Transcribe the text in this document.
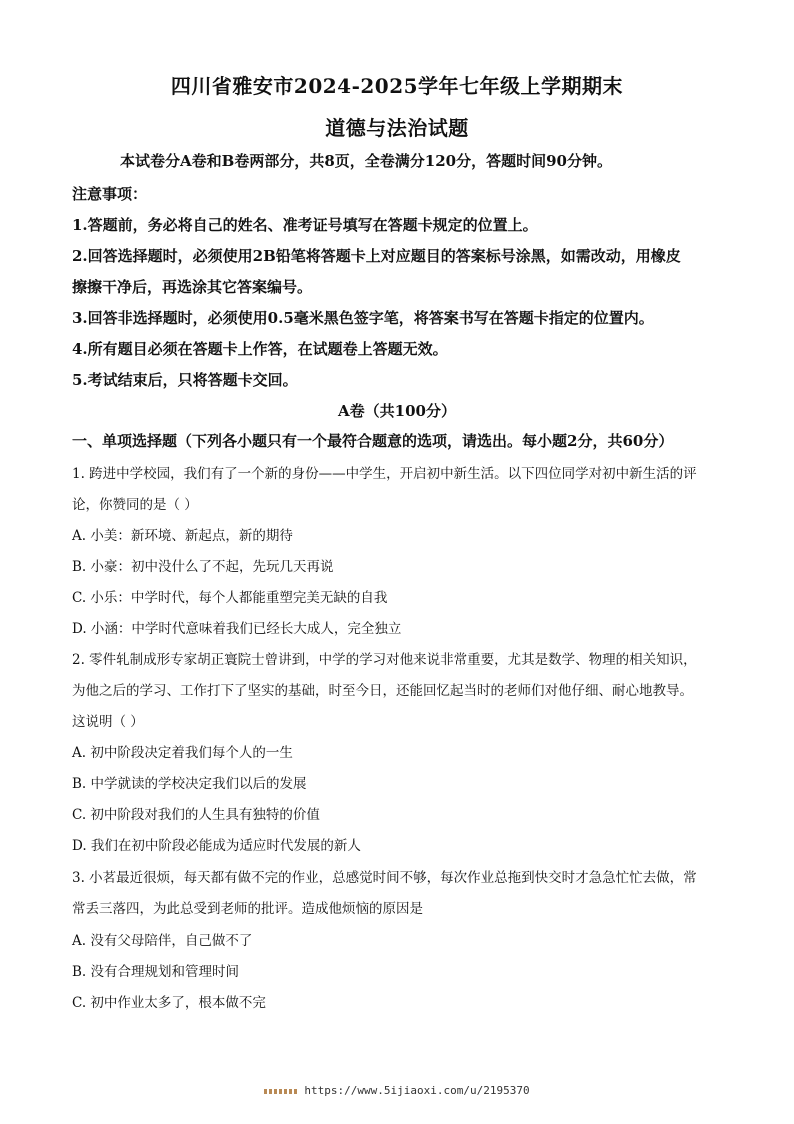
四川省雅安市2024-2025学年七年级上学期期末
道德与法治试题
本试卷分A卷和B卷两部分，共8页，全卷满分120分，答题时间90分钟。
注意事项：
1.答题前，务必将自己的姓名、准考证号填写在答题卡规定的位置上。
2.回答选择题时，必须使用2B铅笔将答题卡上对应题目的答案标号涂黑，如需改动，用橡皮
擦擦干净后，再选涂其它答案编号。
3.回答非选择题时，必须使用0.5毫米黑色签字笔，将答案书写在答题卡指定的位置内。
4.所有题目必须在答题卡上作答，在试题卷上答题无效。
5.考试结束后，只将答题卡交回。
A卷（共100分）
一、单项选择题（下列各小题只有一个最符合题意的选项，请选出。每小题2分，共60分）
1. 跨进中学校园，我们有了一个新的身份——中学生，开启初中新生活。以下四位同学对初中新生活的评
论，你赞同的是（ ）
A. 小美：新环境、新起点，新的期待
B. 小豪：初中没什么了不起，先玩几天再说
C. 小乐：中学时代，每个人都能重塑完美无缺的自我
D. 小涵：中学时代意味着我们已经长大成人，完全独立
2. 零件轧制成形专家胡正寰院士曾讲到，中学的学习对他来说非常重要，尤其是数学、物理的相关知识，
为他之后的学习、工作打下了坚实的基础，时至今日，还能回忆起当时的老师们对他仔细、耐心地教导。
这说明（ ）
A. 初中阶段决定着我们每个人的一生
B. 中学就读的学校决定我们以后的发展
C. 初中阶段对我们的人生具有独特的价值
D. 我们在初中阶段必能成为适应时代发展的新人
3. 小茗最近很烦，每天都有做不完的作业，总感觉时间不够，每次作业总拖到快交时才急急忙忙去做，常
常丢三落四，为此总受到老师的批评。造成他烦恼的原因是
A. 没有父母陪伴，自己做不了
B. 没有合理规划和管理时间
C. 初中作业太多了，根本做不完
https://www.5ijiaoxi.com/u/2195370
